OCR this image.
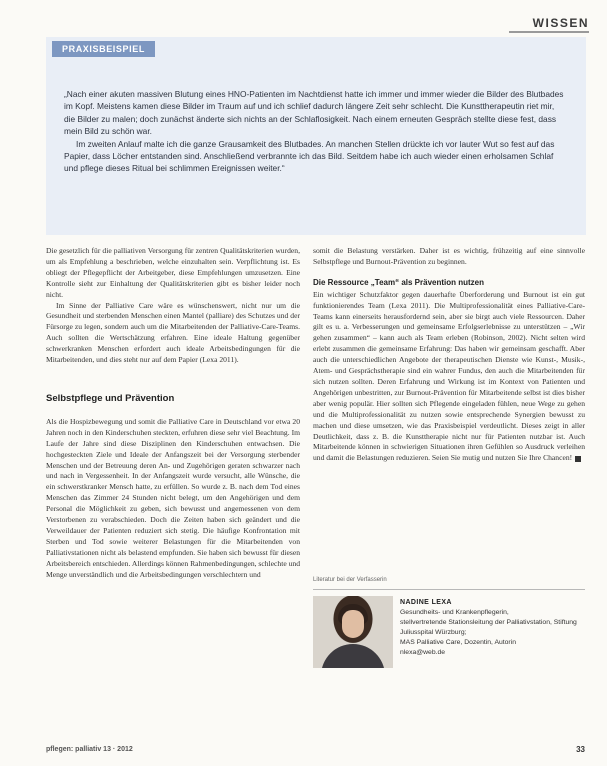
WISSEN
PRAXISBEISPIEL

„Nach einer akuten massiven Blutung eines HNO-Patienten im Nachtdienst hatte ich immer und immer wieder die Bilder des Blutbades im Kopf. Meistens kamen diese Bilder im Traum auf und ich schlief dadurch längere Zeit sehr schlecht. Die Kunsttherapeutin riet mir, die Bilder zu malen; doch zunächst änderte sich nichts an der Schlaflosigkeit. Nach einem erneuten Gespräch stellte diese fest, dass mein Bild zu schön war.

Im zweiten Anlauf malte ich die ganze Grausamkeit des Blutbades. An manchen Stellen drückte ich vor lauter Wut so fest auf das Papier, dass Löcher entstanden sind. Anschließend verbrannte ich das Bild. Seitdem habe ich auch wieder einen erholsamen Schlaf und pflege dieses Ritual bei schlimmen Ereignissen weiter.“

Die gesetzlich für die palliativen Versorgung für zentren Qualitätskriterien wurden, um als Empfehlung a beschrieben, welche einzuhalten sein. Verpflichtung ist. Es obliegt der Pflegepflicht der Arbeitgeber, diese Empfehlungen umzusetzen. Eine Kontrolle sieht zur Einhaltung der Qualitätskriterien gibt es bisher leider noch nicht.

Im Sinne der Palliative Care wäre es wünschenswert, nicht nur um die Gesundheit und sterbenden Menschen einen Mantel (palliare) des Schutzes und der Fürsorge zu legen, sondern auch um die Mitarbeitenden der Palliative-Care-Teams. Auch sollten die Wertschätzung erfahren. Eine ideale Haltung gegenüber schwerkranken Menschen erfordert auch ideale Arbeitsbedingungen für die Mitarbeitenden, und dies steht nur auf dem Papier (Lexa 2011).

Selbstpflege und Prävention

Als die Hospizbewegung und somit die Palliative Care in Deutschland vor etwa 20 Jahren noch in den Kinderschuhen steckten, erfuhren diese sehr viel Beachtung. Im Laufe der Jahre sind diese Disziplinen den Kinderschuhen entwachsen. Die hochgesteckten Ziele und Ideale der Anfangszeit bei der Versorgung sterbender Menschen und der Betreuung deren An- und Zugehörigen geraten schwarzer nach und nach in Vergessenheit. In der Anfangszeit wurde versucht, alle Wünsche, die ein schwerstkranker Mensch hatte, zu erfüllen. So wurde z. B. nach dem Tod eines Menschen das Zimmer 24 Stunden nicht belegt, um den Angehörigen und dem Personal die Möglichkeit zu geben, sich bewusst und angemessenen von dem Verstorbenen zu verabschieden. Doch die Zeiten haben sich geändert und die Verweildauer der Patienten reduziert sich stetig. Die häufige Konfrontation mit Sterben und Tod sowie weiterer Belastungen für die Mitarbeitenden von Palliativstationen nicht als belastend empfunden. Sie haben sich bewusst für diesen Arbeitsbereich entschieden. Allerdings können Rahmenbedingungen, schlechte und Menge unverständlich und die Arbeitsbedingungen verschlechtern und

somit die Belastung verstärken. Daher ist es wichtig, frühzeitig auf eine sinnvolle Selbstpflege und Burnout-Prävention zu beginnen.

Die Ressource „Team“ als Prävention nutzen

Ein wichtiger Schutzfaktor gegen dauerhafte Überforderung und Burnout ist ein gut funktionierendes Team (Lexa 2011). Die Multiprofessionalität eines Palliative-Care-Teams kann einerseits herausfordernd sein, aber sie birgt auch viele Ressourcen. Daher gilt es u. a. Verbesserungen und gemeinsame Erfolgserlebnisse zu unterstützen – „Wir gehen zusammen“ – kann auch als Team erleben (Robinson, 2002). Nicht selten wird erlebt zusammen die gemeinsame Erfahrung: Das haben wir gemeinsam geschafft. Aber auch die unterschiedlichen Angebote der therapeutischen Dienste wie Kunst-, Musik-, Atem- und Gesprächstherapie sind ein wahrer Fundus, den auch die Mitarbeitenden für sich nutzen sollten. Deren Erfahrung und Wirkung ist im Kontext von Patienten und Angehörigen unbestritten, zur Burnout-Prävention für Mitarbeitende selbst ist dies bisher aber wenig populär. Hier sollten sich Pflegende eingeladen fühlen, neue Wege zu gehen und die Multiprofessionalität zu nutzen sowie entsprechende Synergien bewusst zu machen und diese umsetzen, wie das Praxisbeispiel verdeutlicht. Dieses zeigt in aller Deutlichkeit, dass z. B. die Kunsttherapie nicht nur für Patienten nutzbar ist. Auch Mitarbeitende können in schwierigen Situationen ihren Gefühlen so Ausdruck verleihen und damit die Belastungen reduzieren. Seien Sie mutig und nutzen Sie Ihre Chancen!

Literatur bei der Verfasserin
NADINE LEXA
Gesundheits- und Krankenpflegerin,
stellvertretende Stationsleitung der Palliativstation, Stiftung Juliusspital Würzburg;
MAS Palliative Care, Dozentin, Autorin
nlexa@web.de
pflegen: palliativ 13 · 2012	33
